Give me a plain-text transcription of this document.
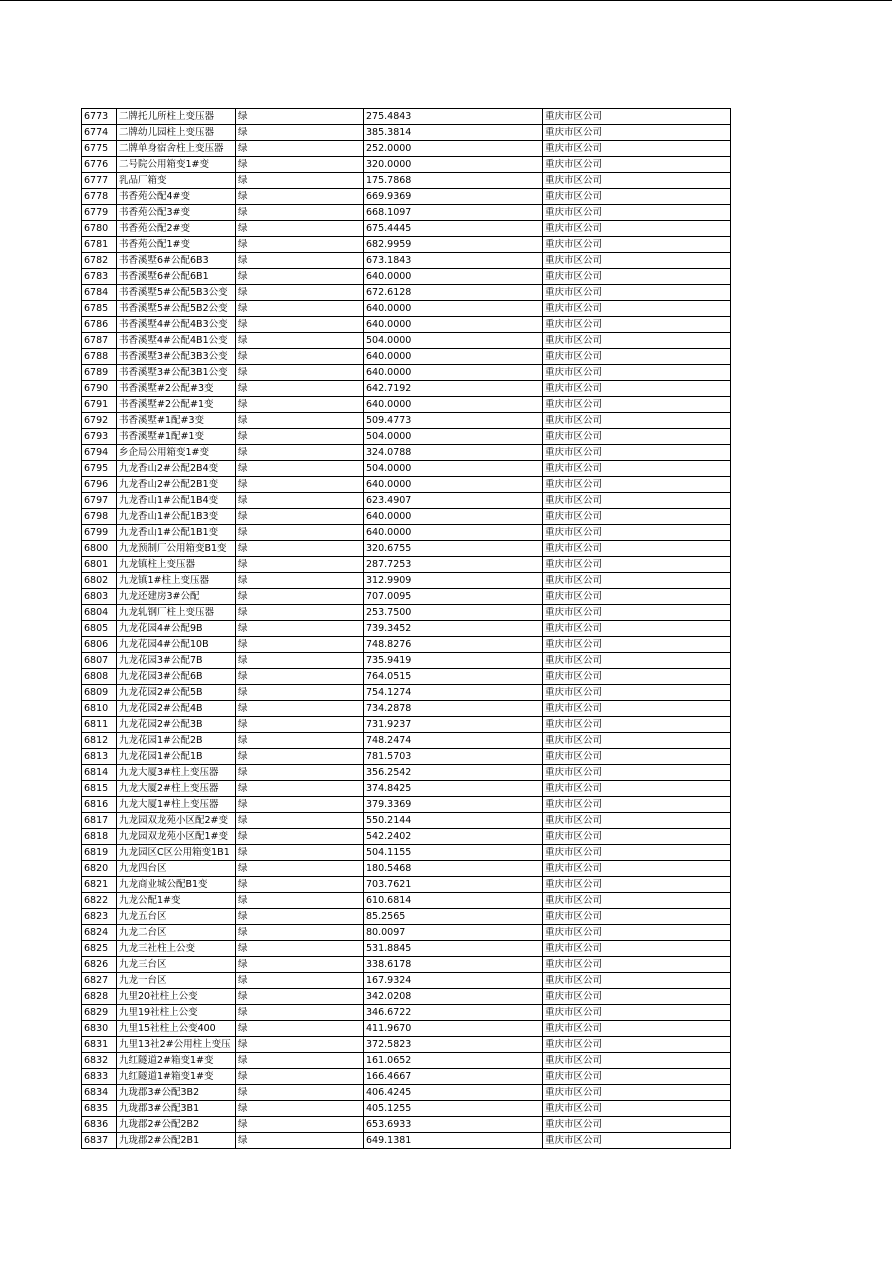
6773	二牌托儿所柱上变压器	绿	275.4843	重庆市区公司
6774	二牌幼儿园柱上变压器	绿	385.3814	重庆市区公司
6775	二牌单身宿舍柱上变压器	绿	252.0000	重庆市区公司
6776	二号院公用箱变1#变	绿	320.0000	重庆市区公司
6777	乳品厂箱变	绿	175.7868	重庆市区公司
6778	书香苑公配4#变	绿	669.9369	重庆市区公司
6779	书香苑公配3#变	绿	668.1097	重庆市区公司
6780	书香苑公配2#变	绿	675.4445	重庆市区公司
6781	书香苑公配1#变	绿	682.9959	重庆市区公司
6782	书香溪墅6#公配6B3	绿	673.1843	重庆市区公司
6783	书香溪墅6#公配6B1	绿	640.0000	重庆市区公司
6784	书香溪墅5#公配5B3公变	绿	672.6128	重庆市区公司
6785	书香溪墅5#公配5B2公变	绿	640.0000	重庆市区公司
6786	书香溪墅4#公配4B3公变	绿	640.0000	重庆市区公司
6787	书香溪墅4#公配4B1公变	绿	504.0000	重庆市区公司
6788	书香溪墅3#公配3B3公变	绿	640.0000	重庆市区公司
6789	书香溪墅3#公配3B1公变	绿	640.0000	重庆市区公司
6790	书香溪墅#2公配#3变	绿	642.7192	重庆市区公司
6791	书香溪墅#2公配#1变	绿	640.0000	重庆市区公司
6792	书香溪墅#1配#3变	绿	509.4773	重庆市区公司
6793	书香溪墅#1配#1变	绿	504.0000	重庆市区公司
6794	乡企局公用箱变1#变	绿	324.0788	重庆市区公司
6795	九龙香山2#公配2B4变	绿	504.0000	重庆市区公司
6796	九龙香山2#公配2B1变	绿	640.0000	重庆市区公司
6797	九龙香山1#公配1B4变	绿	623.4907	重庆市区公司
6798	九龙香山1#公配1B3变	绿	640.0000	重庆市区公司
6799	九龙香山1#公配1B1变	绿	640.0000	重庆市区公司
6800	九龙预制厂公用箱变B1变	绿	320.6755	重庆市区公司
6801	九龙镇柱上变压器	绿	287.7253	重庆市区公司
6802	九龙镇1#柱上变压器	绿	312.9909	重庆市区公司
6803	九龙还建房3#公配	绿	707.0095	重庆市区公司
6804	九龙轧钢厂柱上变压器	绿	253.7500	重庆市区公司
6805	九龙花园4#公配9B	绿	739.3452	重庆市区公司
6806	九龙花园4#公配10B	绿	748.8276	重庆市区公司
6807	九龙花园3#公配7B	绿	735.9419	重庆市区公司
6808	九龙花园3#公配6B	绿	764.0515	重庆市区公司
6809	九龙花园2#公配5B	绿	754.1274	重庆市区公司
6810	九龙花园2#公配4B	绿	734.2878	重庆市区公司
6811	九龙花园2#公配3B	绿	731.9237	重庆市区公司
6812	九龙花园1#公配2B	绿	748.2474	重庆市区公司
6813	九龙花园1#公配1B	绿	781.5703	重庆市区公司
6814	九龙大厦3#柱上变压器	绿	356.2542	重庆市区公司
6815	九龙大厦2#柱上变压器	绿	374.8425	重庆市区公司
6816	九龙大厦1#柱上变压器	绿	379.3369	重庆市区公司
6817	九龙园双龙苑小区配2#变	绿	550.2144	重庆市区公司
6818	九龙园双龙苑小区配1#变	绿	542.2402	重庆市区公司
6819	九龙园区C区公用箱变1B1	绿	504.1155	重庆市区公司
6820	九龙四台区	绿	180.5468	重庆市区公司
6821	九龙商业城公配B1变	绿	703.7621	重庆市区公司
6822	九龙公配1#变	绿	610.6814	重庆市区公司
6823	九龙五台区	绿	85.2565	重庆市区公司
6824	九龙二台区	绿	80.0097	重庆市区公司
6825	九龙三社柱上公变	绿	531.8845	重庆市区公司
6826	九龙三台区	绿	338.6178	重庆市区公司
6827	九龙一台区	绿	167.9324	重庆市区公司
6828	九里20社柱上公变	绿	342.0208	重庆市区公司
6829	九里19社柱上公变	绿	346.6722	重庆市区公司
6830	九里15社柱上公变400	绿	411.9670	重庆市区公司
6831	九里13社2#公用柱上变压	绿	372.5823	重庆市区公司
6832	九红隧道2#箱变1#变	绿	161.0652	重庆市区公司
6833	九红隧道1#箱变1#变	绿	166.4667	重庆市区公司
6834	九珑郡3#公配3B2	绿	406.4245	重庆市区公司
6835	九珑郡3#公配3B1	绿	405.1255	重庆市区公司
6836	九珑郡2#公配2B2	绿	653.6933	重庆市区公司
6837	九珑郡2#公配2B1	绿	649.1381	重庆市区公司
